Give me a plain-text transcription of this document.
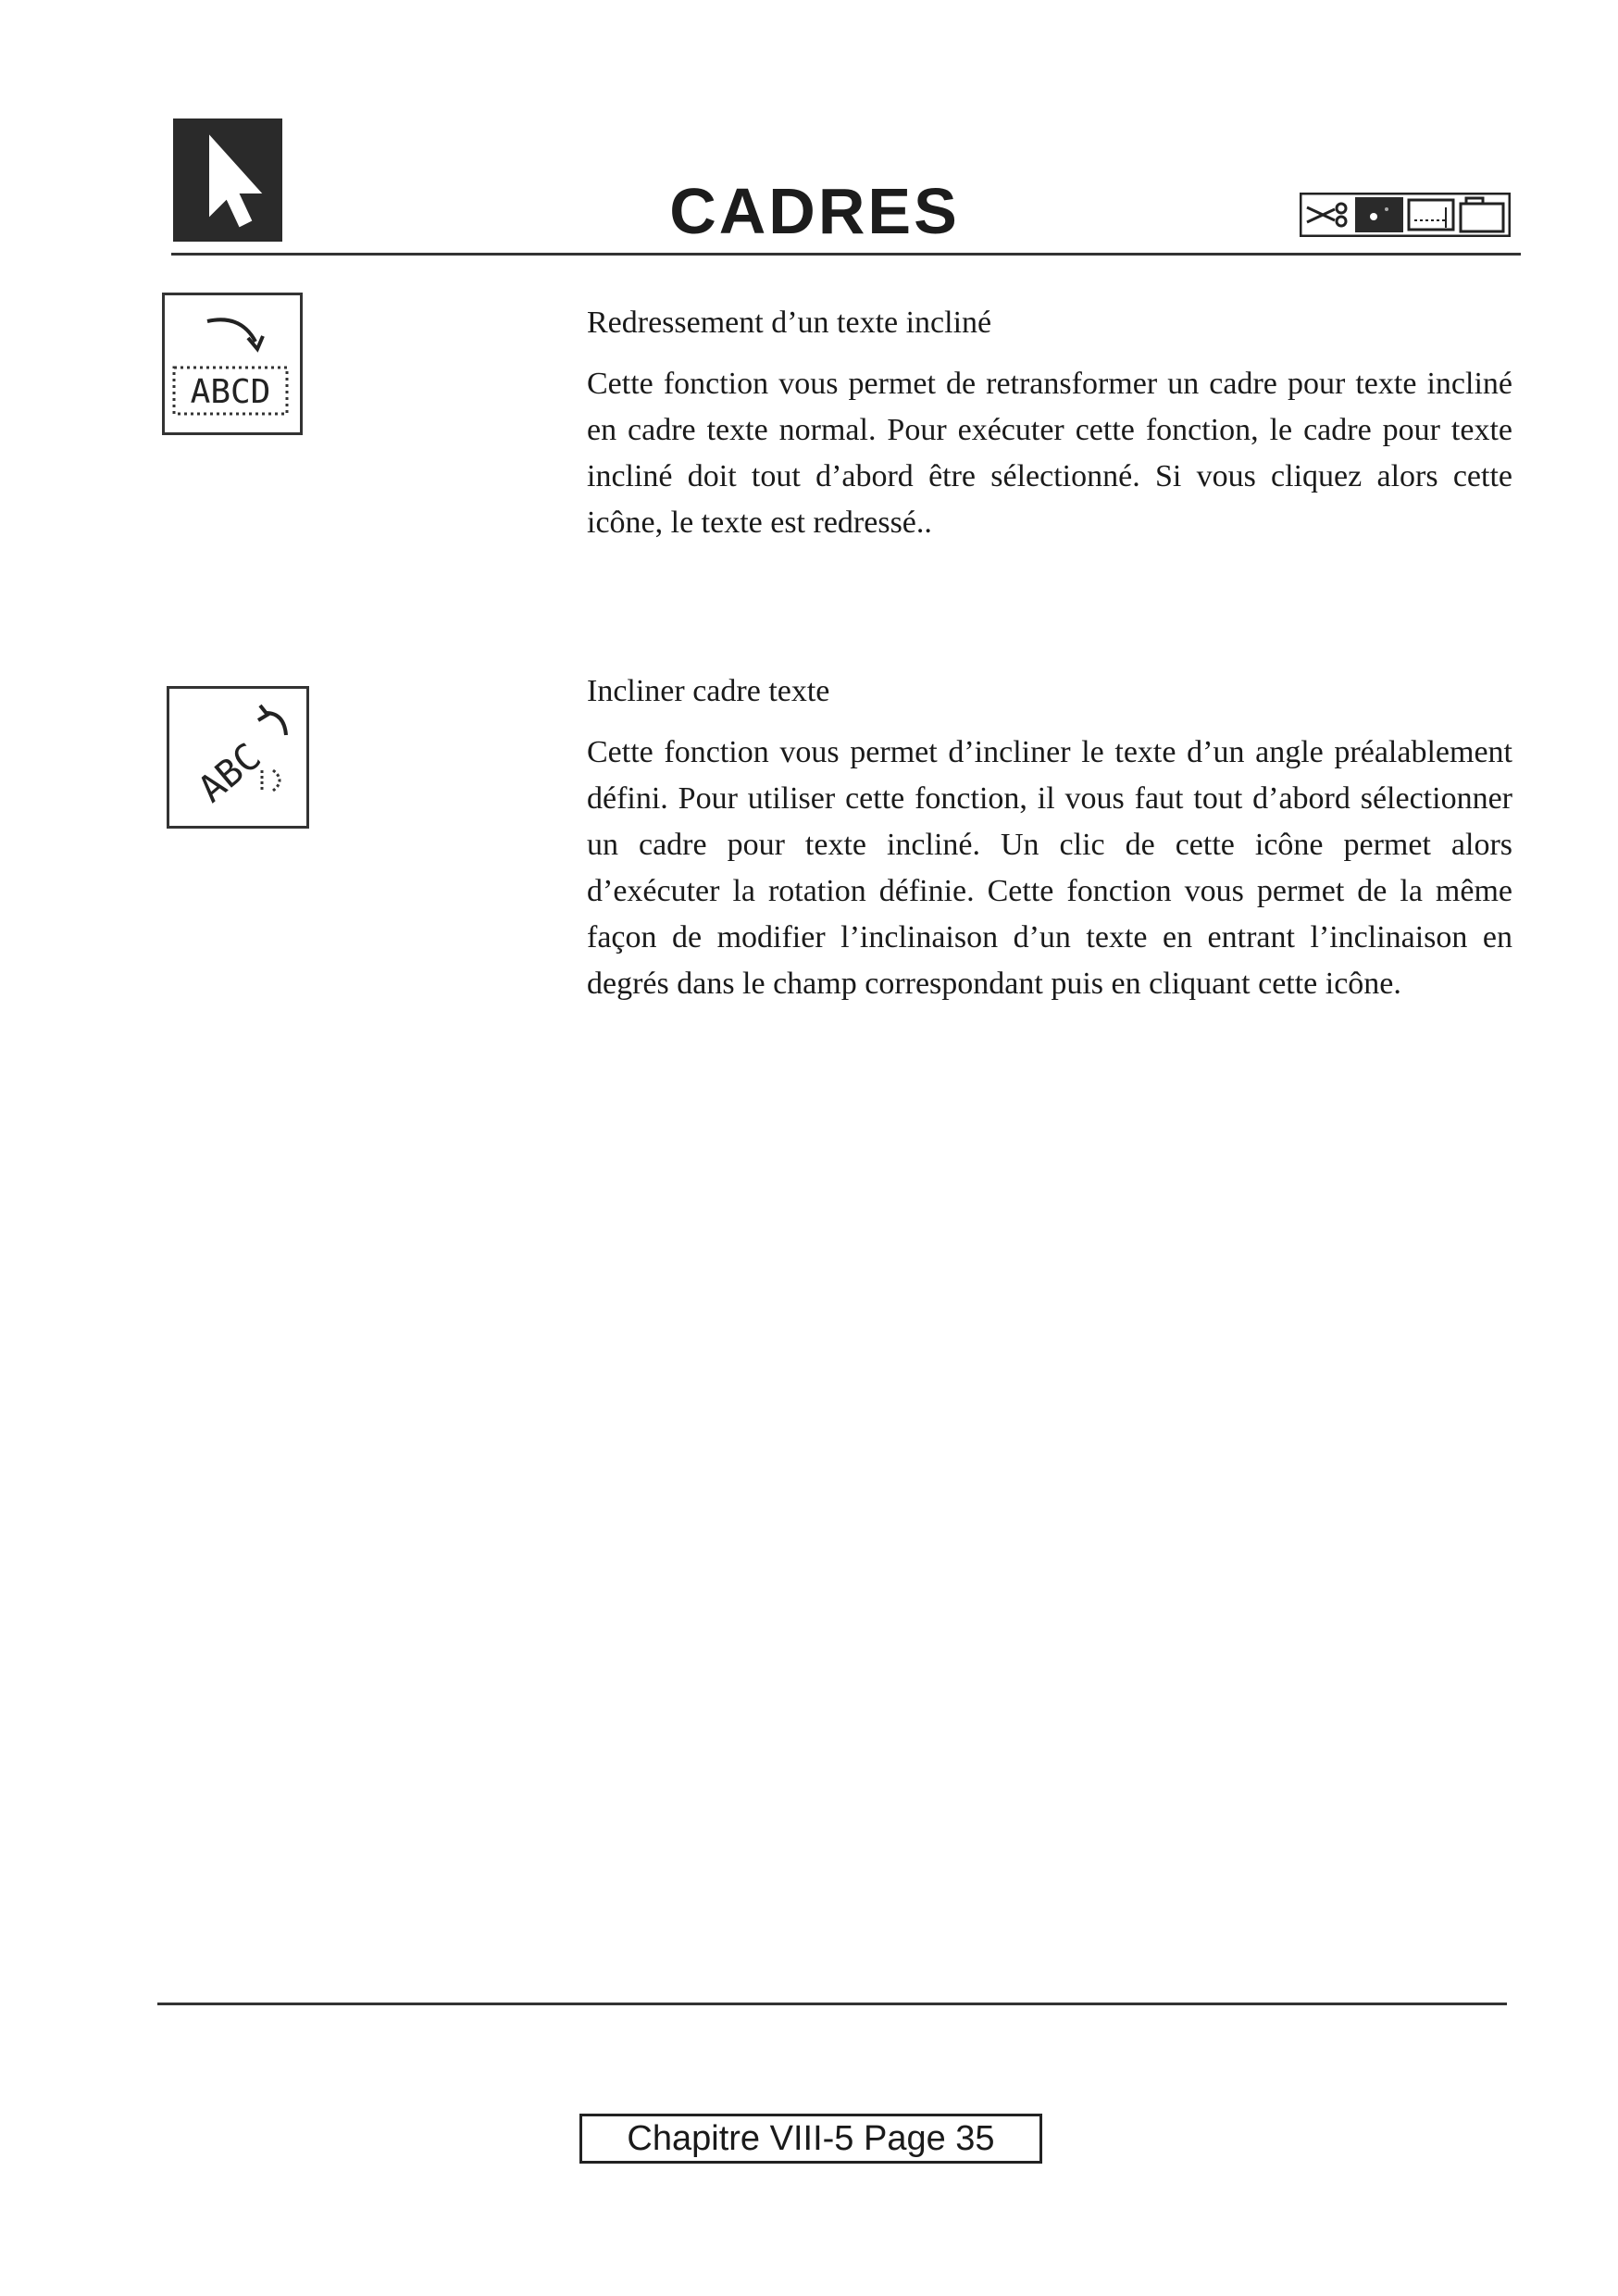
CADRES
ABCD
Redressement d’un texte incliné
Cette fonction vous permet de retransformer un cadre pour texte incliné en cadre texte normal. Pour exécuter cette fonction, le cadre pour texte incliné doit tout d’abord être sélectionné. Si vous cliquez alors cette icône, le texte est redressé..
ABC
Incliner cadre texte
Cette fonction vous permet d’incliner le texte d’un angle préalablement défini. Pour utiliser cette fonction, il vous faut tout d’abord sélectionner un cadre pour texte incliné. Un clic de cette icône permet alors d’exécuter la rotation définie. Cette fonction vous permet de la même façon de modifier l’inclinaison d’un texte en entrant l’inclinaison en degrés dans le champ correspondant puis en cliquant cette icône.
Chapitre VIII-5 Page 35
